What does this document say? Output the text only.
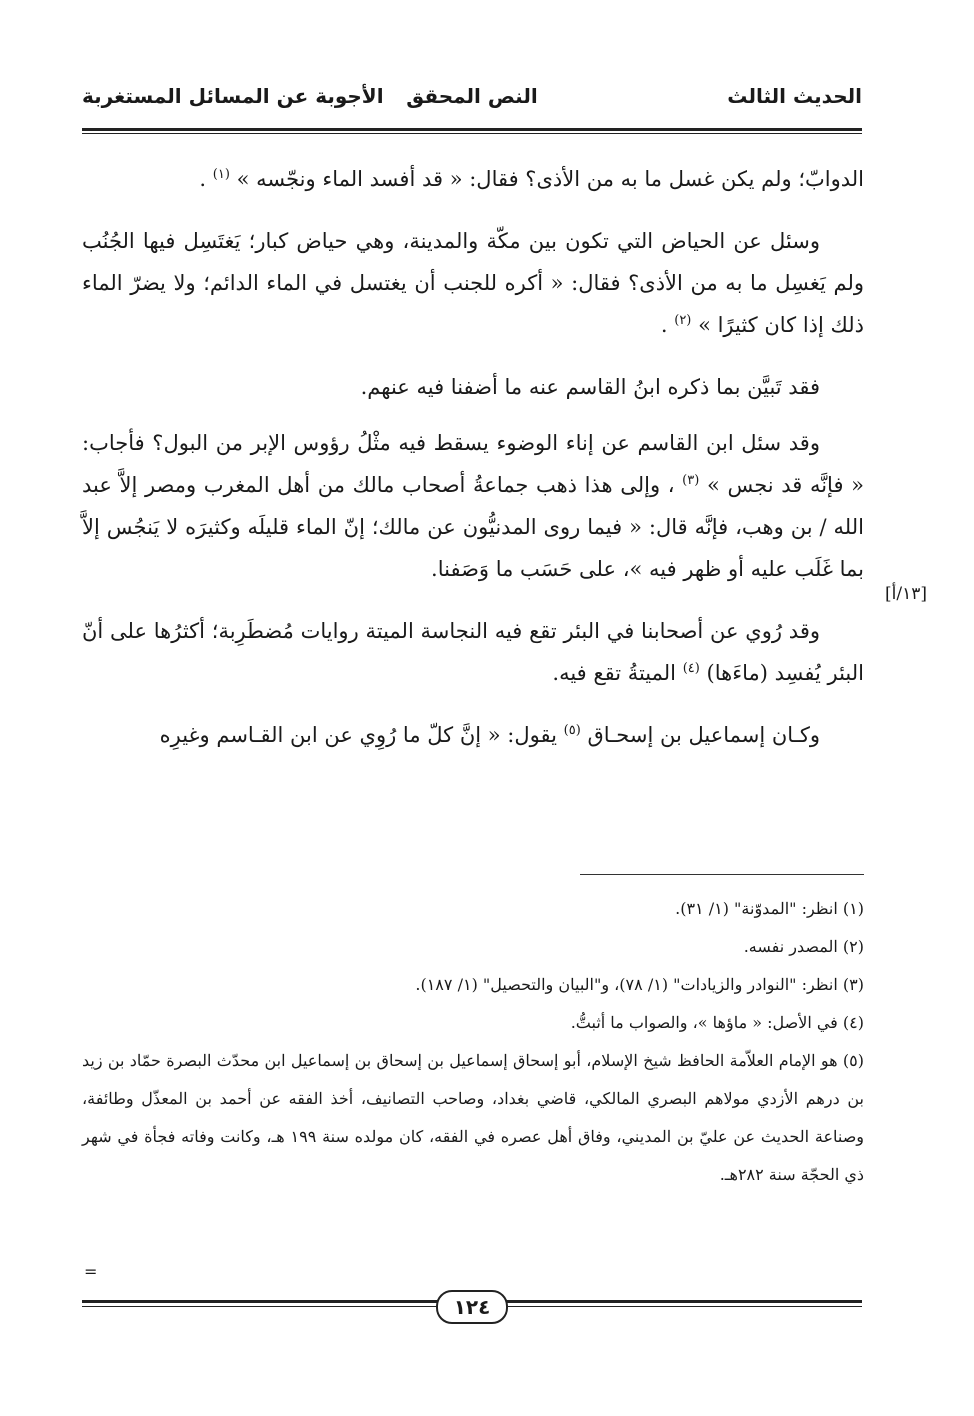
الحديث الثالث
النص المحقق
الأجوبة عن المسائل المستغربة

الدوابّ؛ ولم يكن غسل ما به من الأذى؟ فقال: « قد أفسد الماء ونجّسه » $^{(١)}$ .

وسئل عن الحياض التي تكون بين مكّة والمدينة، وهي حياض كبار؛ يَغتَسِل فيها الجُنُب ولم يَغسِل ما به من الأذى؟ فقال: « أكره للجنب أن يغتسل في الماء الدائم؛ ولا يضرّ الماء ذلك إذا كان كثيرًا » $^{(٢)}$ .

فقد تَبيَّن بما ذكره ابنُ القاسم عنه ما أضفنا فيه عنهم.

وقد سئل ابن القاسم عن إناء الوضوء يسقط فيه مثْلُ رؤوس الإبر من البول؟ فأجاب: « فإنَّه قد نجس » $^{(٣)}$ ، وإلى هذا ذهب جماعةُ أصحاب مالك من أهل المغرب ومصر إلاَّ عبد الله / بن وهب، فإنَّه قال: « فيما روى المدنيُّون عن مالك؛ إنّ الماء قليلَه وكثيرَه لا يَنجُس إلاَّ بما غَلَب عليه أو ظهر فيه »، على حَسَب ما وَصَفنا.

وقد رُوي عن أصحابنا في البئر تقع فيه النجاسة الميتة روايات مُضطَرِبة؛ أكثرُها على أنّ البئر يُفسِد (ماءَها) $^{(٤)}$ الميتةُ تقع فيه.

وكـان إسماعيل بن إسحـاق $^{(٥)}$ يقول: « إنَّ كلّ ما رُوِي عن ابن القـاسم وغيرِه

[١٣/أ]

(١) انظر: "المدوّنة" (١/ ٣١).

(٢) المصدر نفسه.

(٣) انظر: "النوادر والزيادات" (١/ ٧٨)، و"البيان والتحصيل" (١/ ١٨٧).

(٤) في الأصل: « ماؤها »، والصواب ما أثبتُّ.

(٥) هو الإمام العلاّمة الحافظ شيخ الإسلام، أبو إسحاق إسماعيل بن إسحاق بن إسماعيل ابن محدّث البصرة حمّاد بن زيد بن درهم الأزدي مولاهم البصري المالكي، قاضي بغداد، وصاحب التصانيف، أخذ الفقه عن أحمد بن المعذّل وطائفة، وصناعة الحديث عن عليّ بن المديني، وفاق أهل عصره في الفقه، كان مولده سنة ١٩٩ هـ، وكانت وفاته فجأة في شهر ذي الحجّة سنة ٢٨٢هـ.

=
١٢٤
